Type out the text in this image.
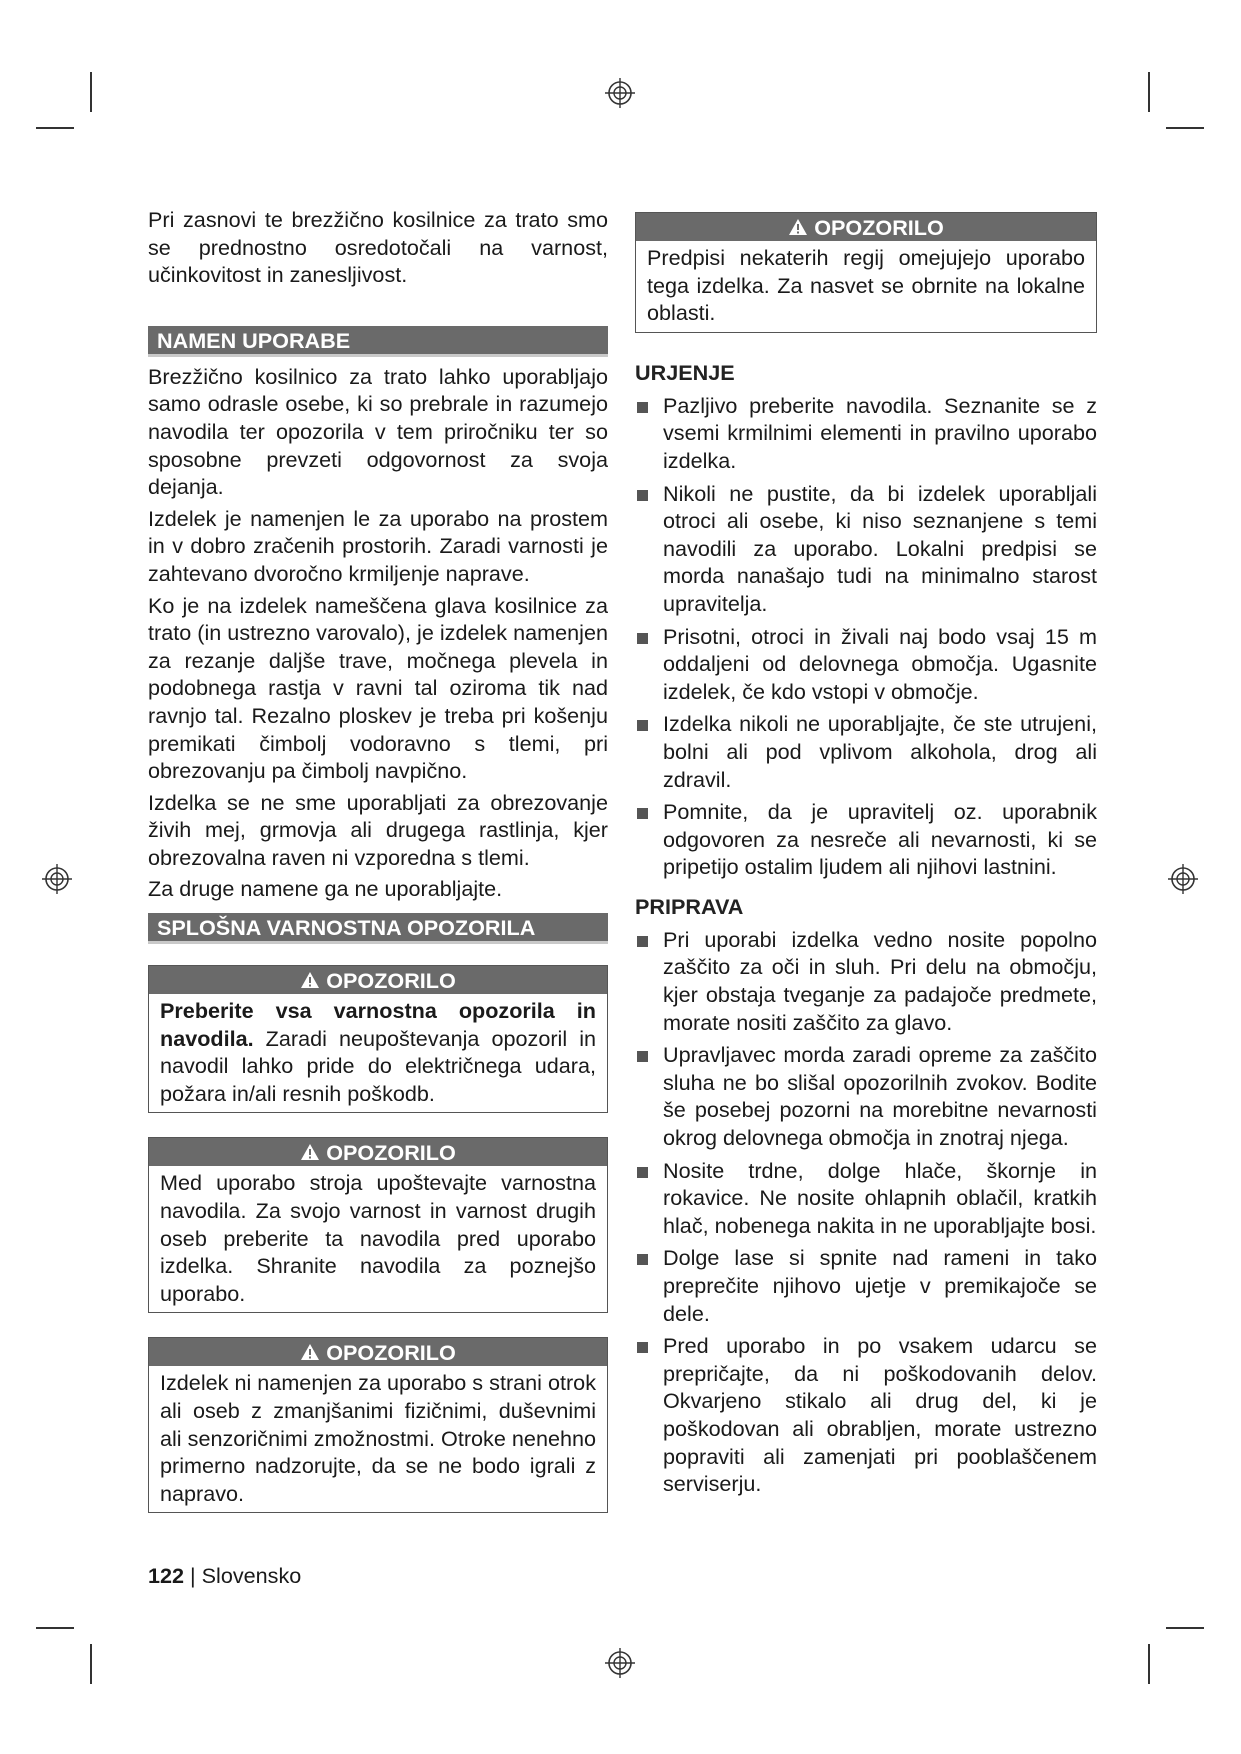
Pri zasnovi te brezžično kosilnice za trato smo se prednostno osredotočali na varnost, učinkovitost in zanesljivost.

NAMEN UPORABE

Brezžično kosilnico za trato lahko uporabljajo samo odrasle osebe, ki so prebrale in razumejo navodila ter opozorila v tem priročniku ter so sposobne prevzeti odgovornost za svoja dejanja.

Izdelek je namenjen le za uporabo na prostem in v dobro zračenih prostorih. Zaradi varnosti je zahtevano dvoročno krmiljenje naprave.

Ko je na izdelek nameščena glava kosilnice za trato (in ustrezno varovalo), je izdelek namenjen za rezanje daljše trave, močnega plevela in podobnega rastja v ravni tal oziroma tik nad ravnjo tal. Rezalno ploskev je treba pri košenju premikati čimbolj vodoravno s tlemi, pri obrezovanju pa čimbolj navpično.

Izdelka se ne sme uporabljati za obrezovanje živih mej, grmovja ali drugega rastlinja, kjer obrezovalna raven ni vzporedna s tlemi.

Za druge namene ga ne uporabljajte.

SPLOŠNA VARNOSTNA OPOZORILA
OPOZORILO

Preberite vsa varnostna opozorila in navodila. Zaradi neupoštevanja opozoril in navodil lahko pride do električnega udara, požara in/ali resnih poškodb.

OPOZORILO

Med uporabo stroja upoštevajte varnostna navodila. Za svojo varnost in varnost drugih oseb preberite ta navodila pred uporabo izdelka. Shranite navodila za poznejšo uporabo.

OPOZORILO

Izdelek ni namenjen za uporabo s strani otrok ali oseb z zmanjšanimi fizičnimi, duševnimi ali senzoričnimi zmožnostmi. Otroke nenehno primerno nadzorujte, da se ne bodo igrali z napravo.

OPOZORILO

Predpisi nekaterih regij omejujejo uporabo tega izdelka. Za nasvet se obrnite na lokalne oblasti.

URJENJE
Pazljivo preberite navodila. Seznanite se z vsemi krmilnimi elementi in pravilno uporabo izdelka.
Nikoli ne pustite, da bi izdelek uporabljali otroci ali osebe, ki niso seznanjene s temi navodili za uporabo. Lokalni predpisi se morda nanašajo tudi na minimalno starost upravitelja.
Prisotni, otroci in živali naj bodo vsaj 15 m oddaljeni od delovnega območja. Ugasnite izdelek, če kdo vstopi v območje.
Izdelka nikoli ne uporabljajte, če ste utrujeni, bolni ali pod vplivom alkohola, drog ali zdravil.
Pomnite, da je upravitelj oz. uporabnik odgovoren za nesreče ali nevarnosti, ki se pripetijo ostalim ljudem ali njihovi lastnini.
PRIPRAVA
Pri uporabi izdelka vedno nosite popolno zaščito za oči in sluh. Pri delu na območju, kjer obstaja tveganje za padajoče predmete, morate nositi zaščito za glavo.
Upravljavec morda zaradi opreme za zaščito sluha ne bo slišal opozorilnih zvokov. Bodite še posebej pozorni na morebitne nevarnosti okrog delovnega območja in znotraj njega.
Nosite trdne, dolge hlače, škornje in rokavice. Ne nosite ohlapnih oblačil, kratkih hlač, nobenega nakita in ne uporabljajte bosi.
Dolge lase si spnite nad rameni in tako preprečite njihovo ujetje v premikajoče se dele.
Pred uporabo in po vsakem udarcu se prepričajte, da ni poškodovanih delov. Okvarjeno stikalo ali drug del, ki je poškodovan ali obrabljen, morate ustrezno popraviti ali zamenjati pri pooblaščenem serviserju.
122 | Slovensko
